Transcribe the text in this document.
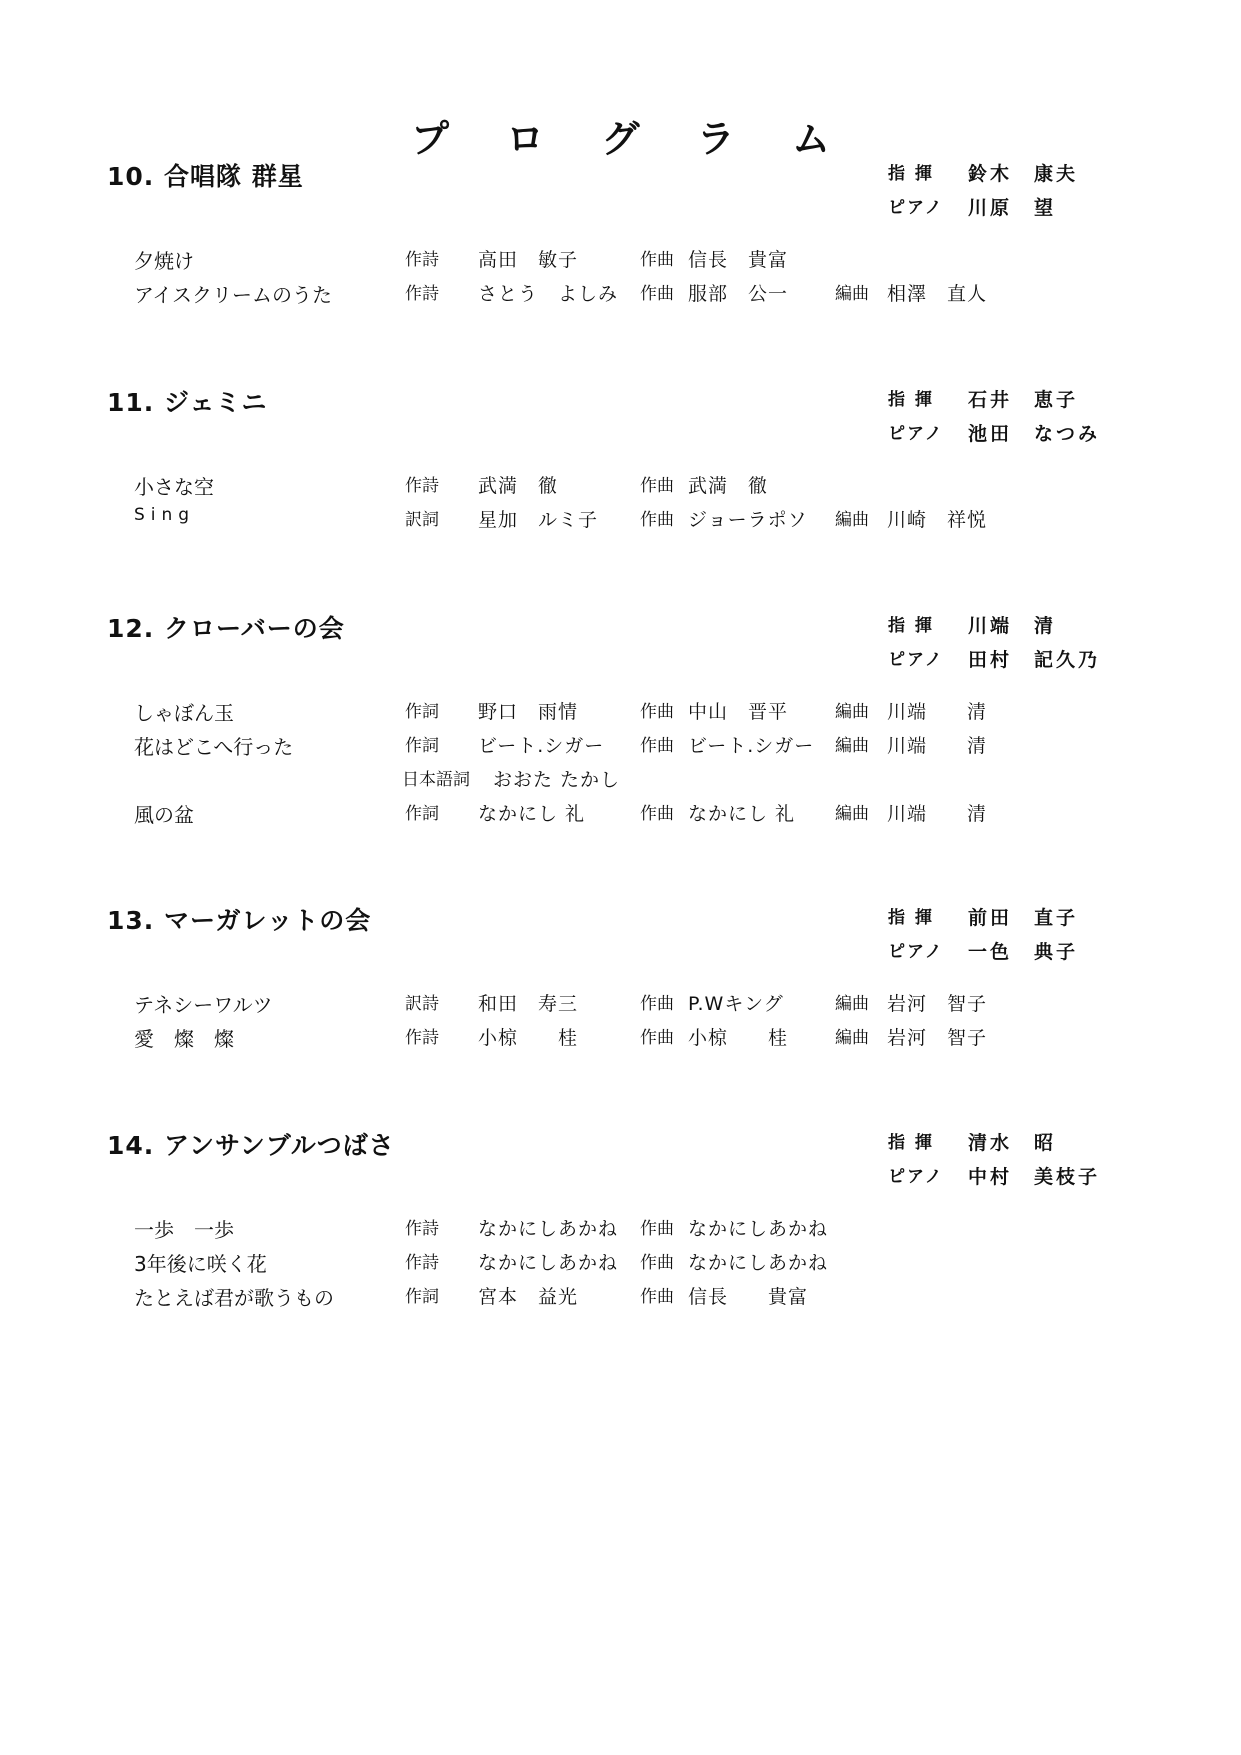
プ ロ グ ラ ム
10. 合唱隊 群星	指 揮 鈴木　康夫
ピアノ 川原　望
夕焼け	作詩 高田　敏子	作曲 信長　貴富
アイスクリームのうた	作詩 さとう　よしみ 作曲 服部　公一	編曲 相澤　直人
11. ジェミニ	指 揮 石井　恵子
ピアノ 池田　なつみ
小さな空	作詩 武満　徹	作曲 武満　徹
Sing	訳詞 星加　ルミ子 作曲 ジョーラポソ 編曲 川崎　祥悦
12. クローバーの会	指 揮 川端　清
ピアノ 田村　記久乃
しゃぼん玉	作詞 野口　雨情	作曲 中山　晋平	編曲 川端　　清
花はどこへ行った	作詞 ビート.シガー 作曲 ビート.シガー 編曲 川端　　清
日本語詞 おおた たかし
風の盆	作詞 なかにし 礼	作曲 なかにし 礼 編曲 川端　　清
13. マーガレットの会	指 揮 前田　直子
ピアノ 一色　典子
テネシーワルツ	訳詩 和田　寿三	作曲 P.Wキング	編曲 岩河　智子
愛　燦　燦	作詩 小椋　　桂	作曲 小椋　　桂	編曲 岩河　智子
14. アンサンブルつばさ	指 揮 清水　昭
ピアノ 中村　美枝子
一歩　一歩	作詩 なかにしあかね 作曲 なかにしあかね
3年後に咲く花	作詩 なかにしあかね 作曲 なかにしあかね
たとえば君が歌うもの	作詞 宮本　益光	作曲 信長　　貴富
